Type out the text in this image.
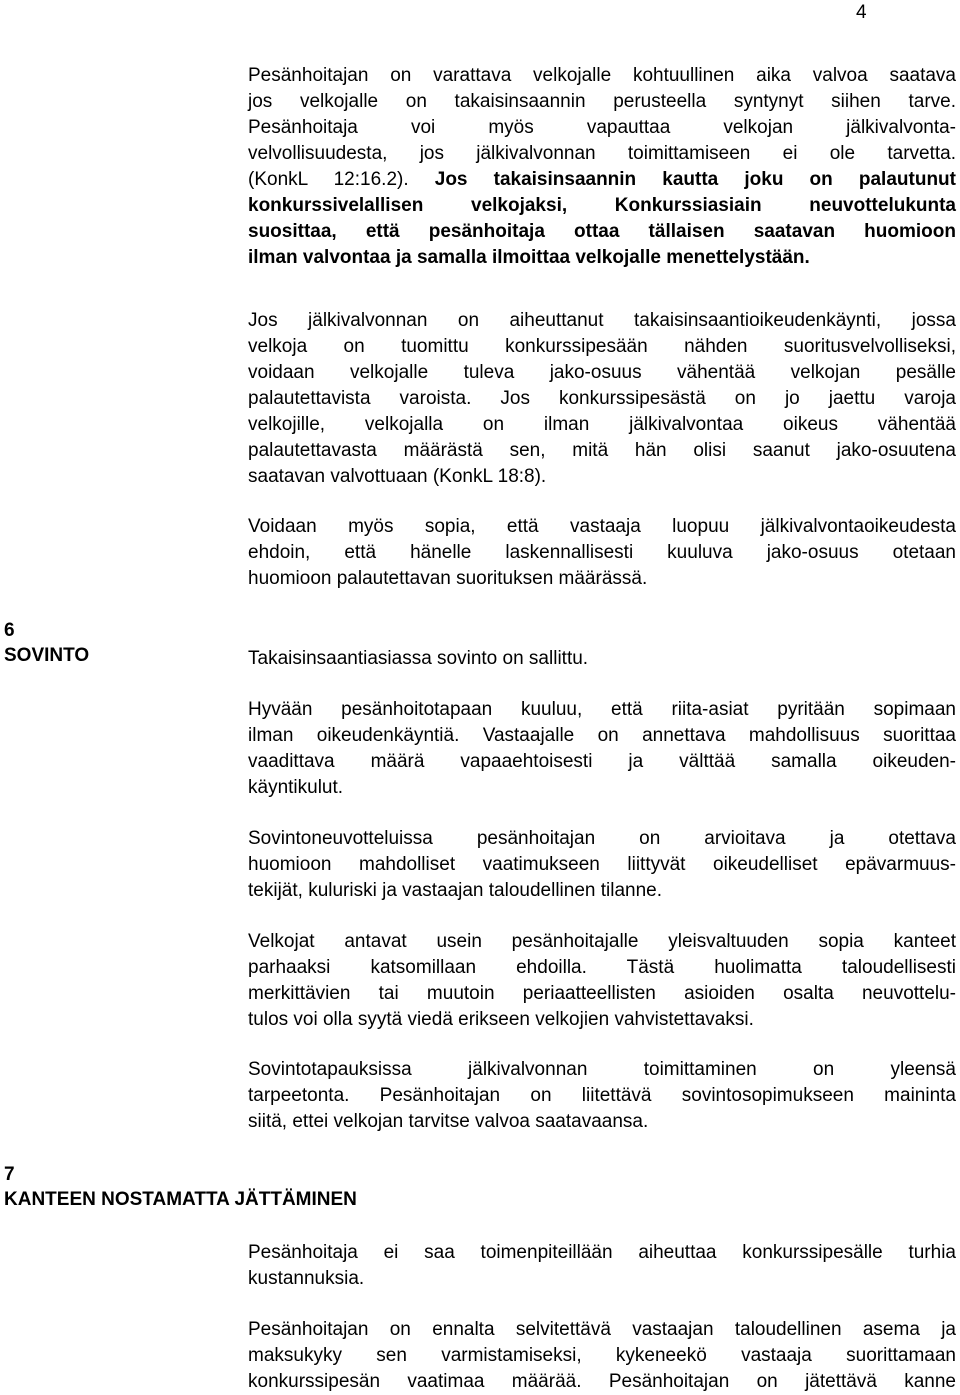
4
Pesänhoitajan on varattava velkojalle kohtuullinen aika valvoa saatava
jos velkojalle on takaisinsaannin perusteella syntynyt siihen tarve.
Pesänhoitaja voi myös vapauttaa velkojan jälkivalvonta-
velvollisuudesta, jos jälkivalvonnan toimittamiseen ei ole tarvetta.
(KonkL 12:16.2). Jos takaisinsaannin kautta joku on palautunut
konkurssivelallisen velkojaksi, Konkurssiasiain neuvottelukunta
suosittaa, että pesänhoitaja ottaa tällaisen saatavan huomioon
ilman valvontaa ja samalla ilmoittaa velkojalle menettelystään.
Jos jälkivalvonnan on aiheuttanut takaisinsaantioikeudenkäynti, jossa
velkoja on tuomittu konkurssipesään nähden suoritusvelvolliseksi,
voidaan velkojalle tuleva jako-osuus vähentää velkojan pesälle
palautettavista varoista. Jos konkurssipesästä on jo jaettu varoja
velkojille, velkojalla on ilman jälkivalvontaa oikeus vähentää
palautettavasta määrästä sen, mitä hän olisi saanut jako-osuutena
saatavan valvottuaan (KonkL 18:8).
Voidaan myös sopia, että vastaaja luopuu jälkivalvontaoikeudesta
ehdoin, että hänelle laskennallisesti kuuluva jako-osuus otetaan
huomioon palautettavan suorituksen määrässä.
6
SOVINTO	Takaisinsaantiasiassa sovinto on sallittu.
Hyvään pesänhoitotapaan kuuluu, että riita-asiat pyritään sopimaan
ilman oikeudenkäyntiä. Vastaajalle on annettava mahdollisuus suorittaa
vaadittava määrä vapaaehtoisesti ja välttää samalla oikeuden-
käyntikulut.
Sovintoneuvotteluissa pesänhoitajan on arvioitava ja otettava
huomioon mahdolliset vaatimukseen liittyvät oikeudelliset epävarmuus-
tekijät, kuluriski ja vastaajan taloudellinen tilanne.
Velkojat antavat usein pesänhoitajalle yleisvaltuuden sopia kanteet
parhaaksi katsomillaan ehdoilla. Tästä huolimatta taloudellisesti
merkittävien tai muutoin periaatteellisten asioiden osalta neuvottelu-
tulos voi olla syytä viedä erikseen velkojien vahvistettavaksi.
Sovintotapauksissa jälkivalvonnan toimittaminen on yleensä
tarpeetonta. Pesänhoitajan on liitettävä sovintosopimukseen maininta
siitä, ettei velkojan tarvitse valvoa saatavaansa.
7
KANTEEN NOSTAMATTA JÄTTÄMINEN
Pesänhoitaja ei saa toimenpiteillään aiheuttaa konkurssipesälle turhia
kustannuksia.
Pesänhoitajan on ennalta selvitettävä vastaajan taloudellinen asema ja
maksukyky sen varmistamiseksi, kykeneekö vastaaja suorittamaan
konkurssipesän vaatimaa määrää. Pesänhoitajan on jätettävä kanne
